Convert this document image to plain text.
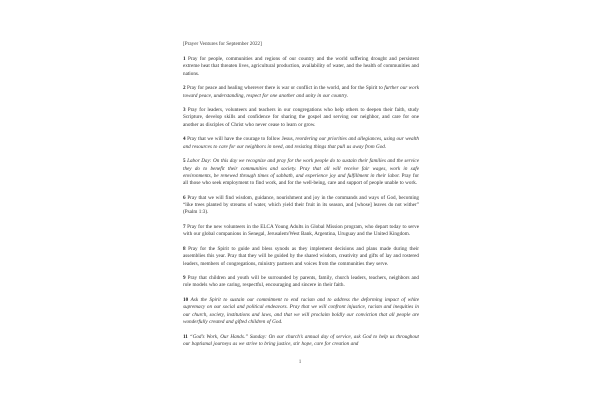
[Prayer Ventures for September 2022]

1 Pray for people, communities and regions of our country and the world suffering drought and persistent extreme heat that threaten lives, agricultural production, availability of water, and the health of communities and nations.

2 Pray for peace and healing wherever there is war or conflict in the world, and for the Spirit to further our work toward peace, understanding, respect for one another and unity in our country.

3 Pray for leaders, volunteers and teachers in our congregations who help others to deepen their faith, study Scripture, develop skills and confidence for sharing the gospel and serving our neighbor, and care for one another as disciples of Christ who never cease to learn or grow.

4 Pray that we will have the courage to follow Jesus, reordering our priorities and allegiances, using our wealth and resources to care for our neighbors in need, and resisting things that pull us away from God.

5 Labor Day: On this day we recognize and pray for the work people do to sustain their families and the service they do to benefit their communities and society. Pray that all will receive fair wages, work in safe environments, be renewed through times of sabbath, and experience joy and fulfillment in their labor. Pray for all those who seek employment to find work, and for the well-being, care and support of people unable to work.

6 Pray that we will find wisdom, guidance, nourishment and joy in the commands and ways of God, becoming “like trees planted by streams of water, which yield their fruit in its season, and [whose] leaves do not wither” (Psalm 1:3).

7 Pray for the new volunteers in the ELCA Young Adults in Global Mission program, who depart today to serve with our global companions in Senegal, Jerusalem/West Bank, Argentina, Uruguay and the United Kingdom.

8 Pray for the Spirit to guide and bless synods as they implement decisions and plans made during their assemblies this year. Pray that they will be guided by the shared wisdom, creativity and gifts of lay and rostered leaders, members of congregations, ministry partners and voices from the communities they serve.

9 Pray that children and youth will be surrounded by parents, family, church leaders, teachers, neighbors and role models who are caring, respectful, encouraging and sincere in their faith.

10 Ask the Spirit to sustain our commitment to end racism and to address the deforming impact of white supremacy on our social and political endeavors. Pray that we will confront injustice, racism and inequities in our church, society, institutions and laws, and that we will proclaim boldly our conviction that all people are wonderfully created and gifted children of God.

11 “God’s Work, Our Hands.” Sunday: On our church’s annual day of service, ask God to help us throughout our baptismal journeys as we strive to bring justice, stir hope, care for creation and

1
